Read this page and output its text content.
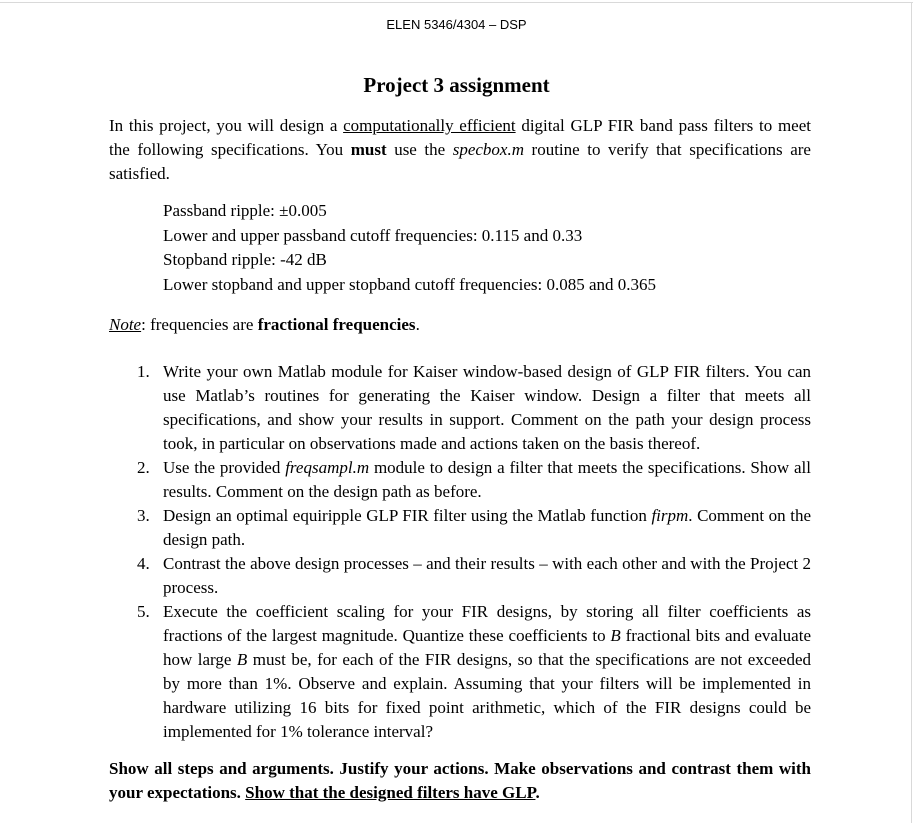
ELEN 5346/4304 – DSP
Project 3 assignment

In this project, you will design a computationally efficient digital GLP FIR band pass filters to meet the following specifications. You must use the specbox.m routine to verify that specifications are satisfied.

Passband ripple: ±0.005
Lower and upper passband cutoff frequencies: 0.115 and 0.33
Stopband ripple: -42 dB
Lower stopband and upper stopband cutoff frequencies: 0.085 and 0.365
Note: frequencies are fractional frequencies.
1. Write your own Matlab module for Kaiser window-based design of GLP FIR filters. You can use Matlab’s routines for generating the Kaiser window. Design a filter that meets all specifications, and show your results in support. Comment on the path your design process took, in particular on observations made and actions taken on the basis thereof.
2. Use the provided freqsampl.m module to design a filter that meets the specifications. Show all results. Comment on the design path as before.
3. Design an optimal equiripple GLP FIR filter using the Matlab function firpm. Comment on the design path.
4. Contrast the above design processes – and their results – with each other and with the Project 2 process.
5. Execute the coefficient scaling for your FIR designs, by storing all filter coefficients as fractions of the largest magnitude. Quantize these coefficients to B fractional bits and evaluate how large B must be, for each of the FIR designs, so that the specifications are not exceeded by more than 1%. Observe and explain. Assuming that your filters will be implemented in hardware utilizing 16 bits for fixed point arithmetic, which of the FIR designs could be implemented for 1% tolerance interval?

Show all steps and arguments. Justify your actions. Make observations and contrast them with your expectations. Show that the designed filters have GLP.
